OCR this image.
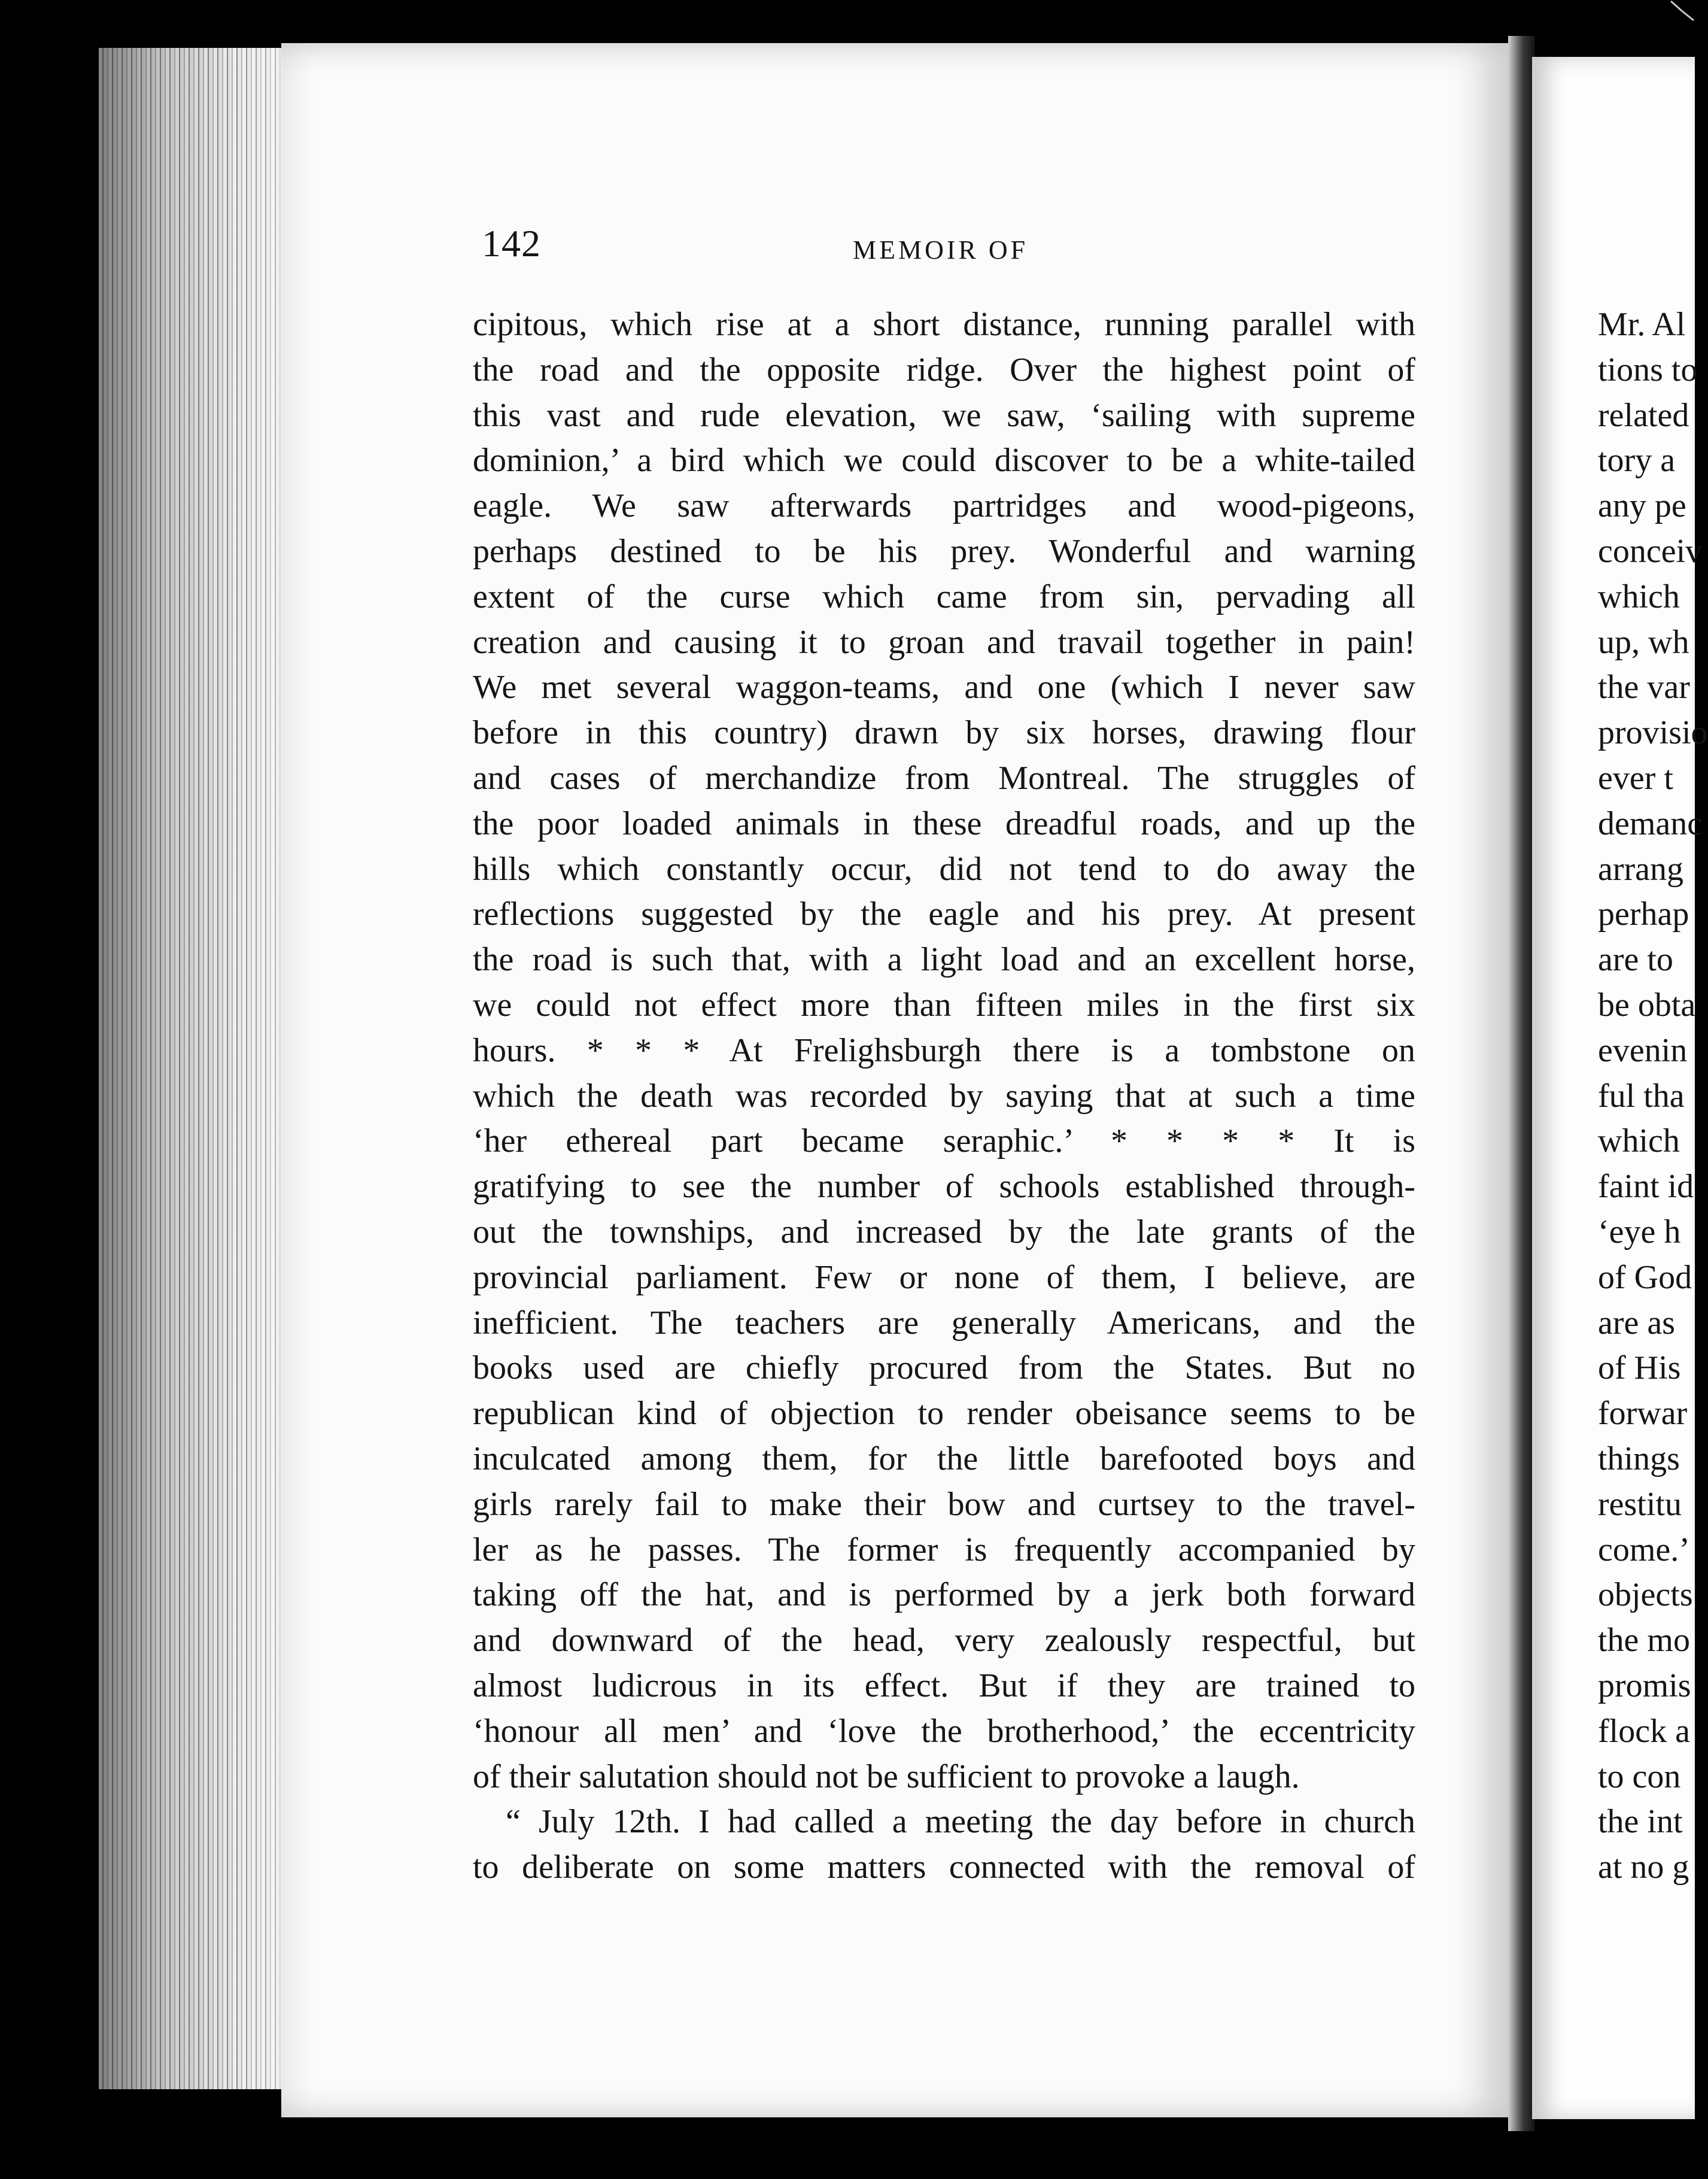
142	MEMOIR OF
cipitous, which rise at a short distance, running parallel with
the road and the opposite ridge. Over the highest point of
this vast and rude elevation, we saw, ‘sailing with supreme
dominion,’ a bird which we could discover to be a white-tailed
eagle. We saw afterwards partridges and wood-pigeons,
perhaps destined to be his prey. Wonderful and warning
extent of the curse which came from sin, pervading all
creation and causing it to groan and travail together in pain!
We met several waggon-teams, and one (which I never saw
before in this country) drawn by six horses, drawing flour
and cases of merchandize from Montreal. The struggles of
the poor loaded animals in these dreadful roads, and up the
hills which constantly occur, did not tend to do away the
reflections suggested by the eagle and his prey. At present
the road is such that, with a light load and an excellent horse,
we could not effect more than fifteen miles in the first six
hours. * * * At Frelighsburgh there is a tombstone on
which the death was recorded by saying that at such a time
‘her ethereal part became seraphic.’ * * * * It is
gratifying to see the number of schools established through-
out the townships, and increased by the late grants of the
provincial parliament. Few or none of them, I believe, are
inefficient. The teachers are generally Americans, and the
books used are chiefly procured from the States. But no
republican kind of objection to render obeisance seems to be
inculcated among them, for the little barefooted boys and
girls rarely fail to make their bow and curtsey to the travel-
ler as he passes. The former is frequently accompanied by
taking off the hat, and is performed by a jerk both forward
and downward of the head, very zealously respectful, but
almost ludicrous in its effect. But if they are trained to
‘honour all men’ and ‘love the brotherhood,’ the eccentricity
of their salutation should not be sufficient to provoke a laugh.
“ July 12th. I had called a meeting the day before in church
to deliberate on some matters connected with the removal of
Mr. Al
tions to
related
tory a
any pe
conceiv
which
up, wh
the var
provisio
ever t
demanc
arrang
perhap
are to
be obta
evenin
ful tha
which
faint id
‘eye h
of God
are as
of His
forwar
things
restitu
come.’
objects
the mo
promis
flock a
to con
the int
at no g
